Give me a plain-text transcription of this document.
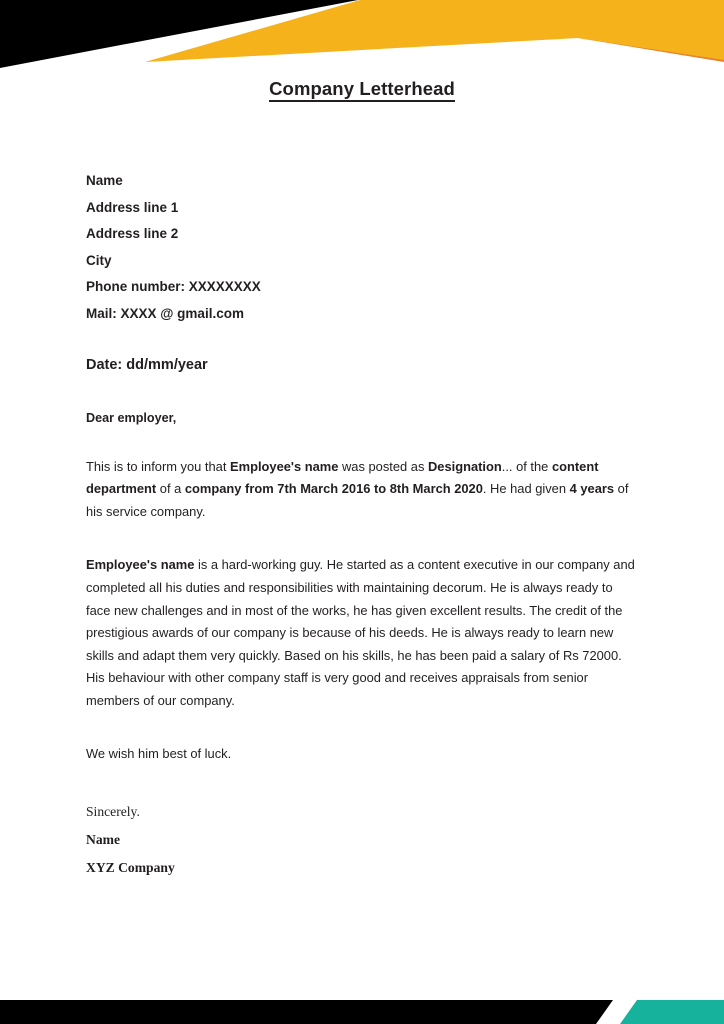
Company Letterhead
Name
Address line 1
Address line 2
City
Phone number: XXXXXXXX
Mail: XXXX @ gmail.com
Date: dd/mm/year
Dear employer,

This is to inform you that Employee's name was posted as Designation... of the content department of a company from 7th March 2016 to 8th March 2020. He had given 4 years of his service company.

Employee's name is a hard-working guy. He started as a content executive in our company and completed all his duties and responsibilities with maintaining decorum. He is always ready to face new challenges and in most of the works, he has given excellent results. The credit of the prestigious awards of our company is because of his deeds. He is always ready to learn new skills and adapt them very quickly. Based on his skills, he has been paid a salary of Rs 72000. His behaviour with other company staff is very good and receives appraisals from senior members of our company.

We wish him best of luck.

Sincerely.
Name
XYZ Company
